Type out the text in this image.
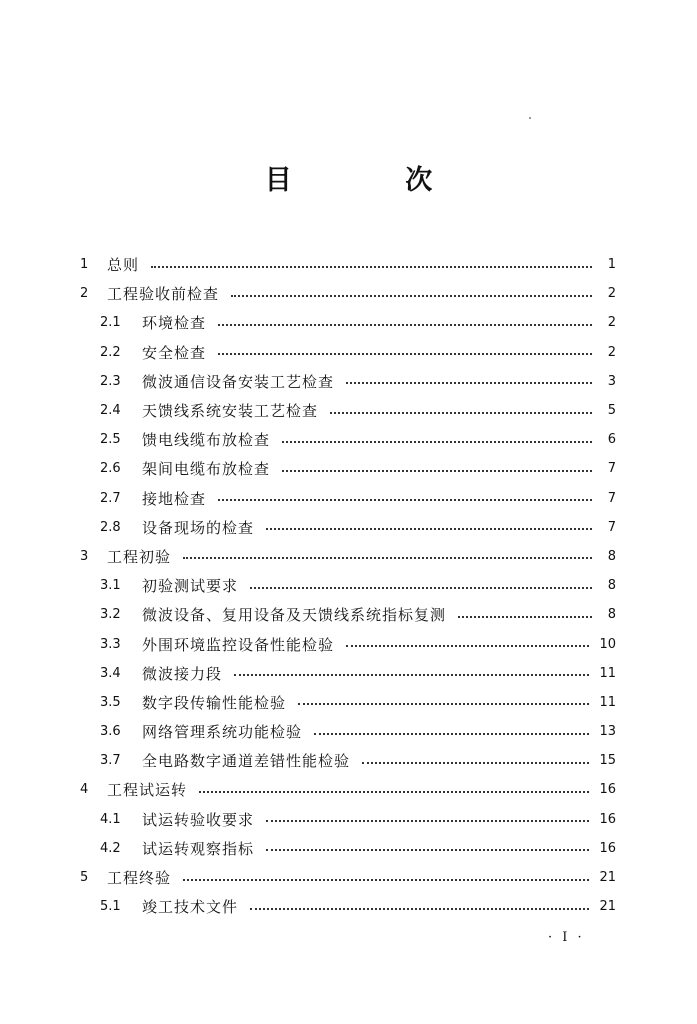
目 次
1	总则	1
2	工程验收前检查	2
2.1	环境检查	2
2.2	安全检查	2
2.3	微波通信设备安装工艺检查	3
2.4	天馈线系统安装工艺检查	5
2.5	馈电线缆布放检查	6
2.6	架间电缆布放检查	7
2.7	接地检查	7
2.8	设备现场的检查	7
3	工程初验	8
3.1	初验测试要求	8
3.2	微波设备、复用设备及天馈线系统指标复测	8
3.3	外围环境监控设备性能检验	10
3.4	微波接力段	11
3.5	数字段传输性能检验	11
3.6	网络管理系统功能检验	13
3.7	全电路数字通道差错性能检验	15
4	工程试运转	16
4.1	试运转验收要求	16
4.2	试运转观察指标	16
5	工程终验	21
5.1	竣工技术文件	21
· I ·
